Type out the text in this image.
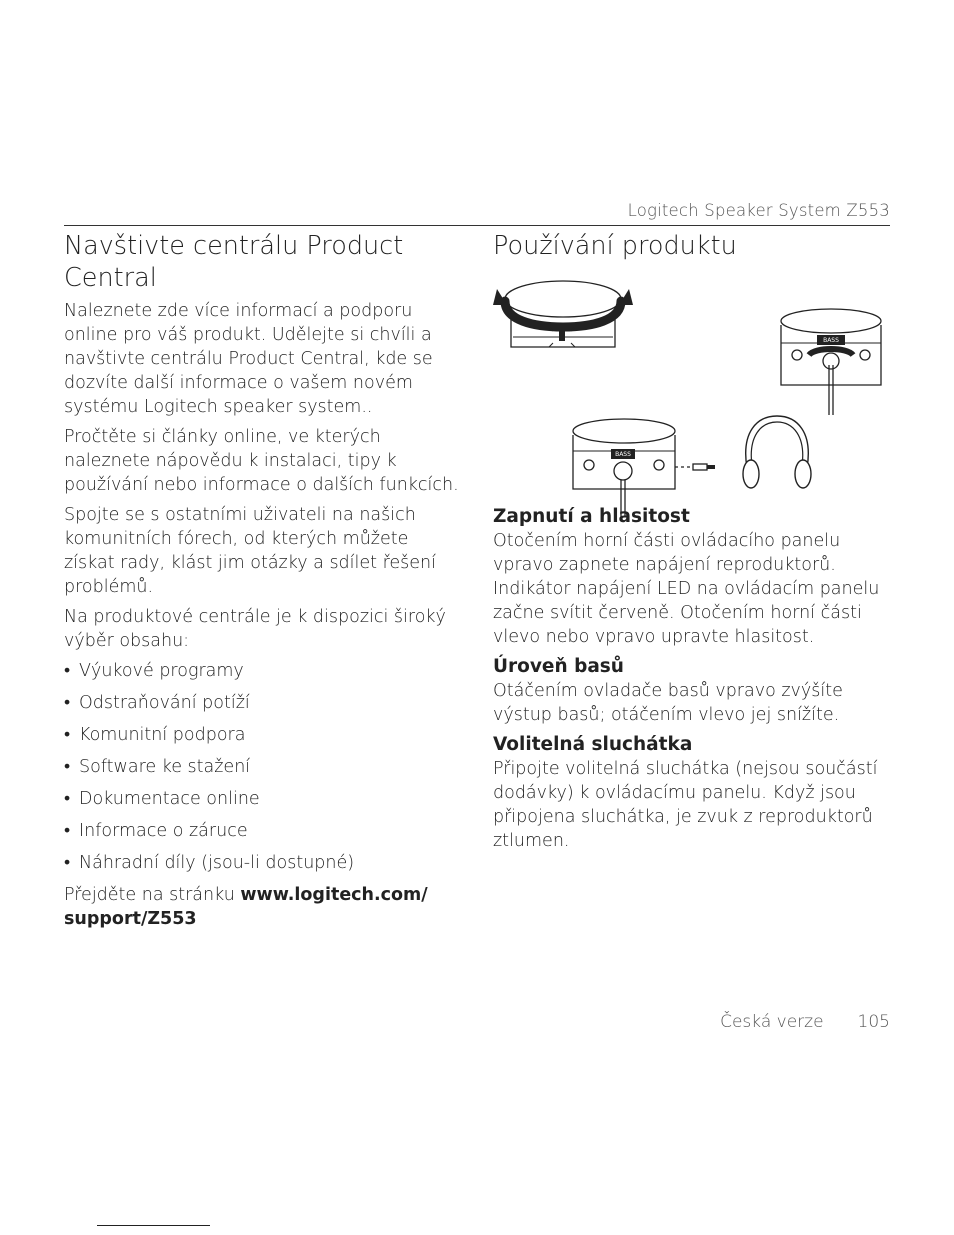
Logitech Speaker System Z553
Navštivte centrálu Product Central

Naleznete zde více informací a podporu online pro váš produkt. Udělejte si chvíli a navštivte centrálu Product Central, kde se dozvíte další informace o vašem novém systému Logitech speaker system..

Pročtěte si články online, ve kterých naleznete nápovědu k instalaci, tipy k používání nebo informace o dalších funkcích.

Spojte se s ostatními uživateli na našich komunitních fórech, od kterých můžete získat rady, klást jim otázky a sdílet řešení problémů.

Na produktové centrále je k dispozici široký výběr obsahu:

• Výukové programy
• Odstraňování potíží
• Komunitní podpora
• Software ke stažení
• Dokumentace online
• Informace o záruce
• Náhradní díly (jsou-li dostupné)

Přejděte na stránku www.logitech.com/ support/Z553

Používání produktu
BASS
BASS
Zapnutí a hlasitost

Otočením horní části ovládacího panelu vpravo zapnete napájení reproduktorů. Indikátor napájení LED na ovládacím panelu začne svítit červeně. Otočením horní části vlevo nebo vpravo upravte hlasitost.

Úroveň basů

Otáčením ovladače basů vpravo zvýšíte výstup basů; otáčením vlevo jej snížíte.

Volitelná sluchátka

Připojte volitelná sluchátka (nejsou součástí dodávky) k ovládacímu panelu. Když jsou připojena sluchátka, je zvuk z reproduktorů ztlumen.

Česká verze 105
